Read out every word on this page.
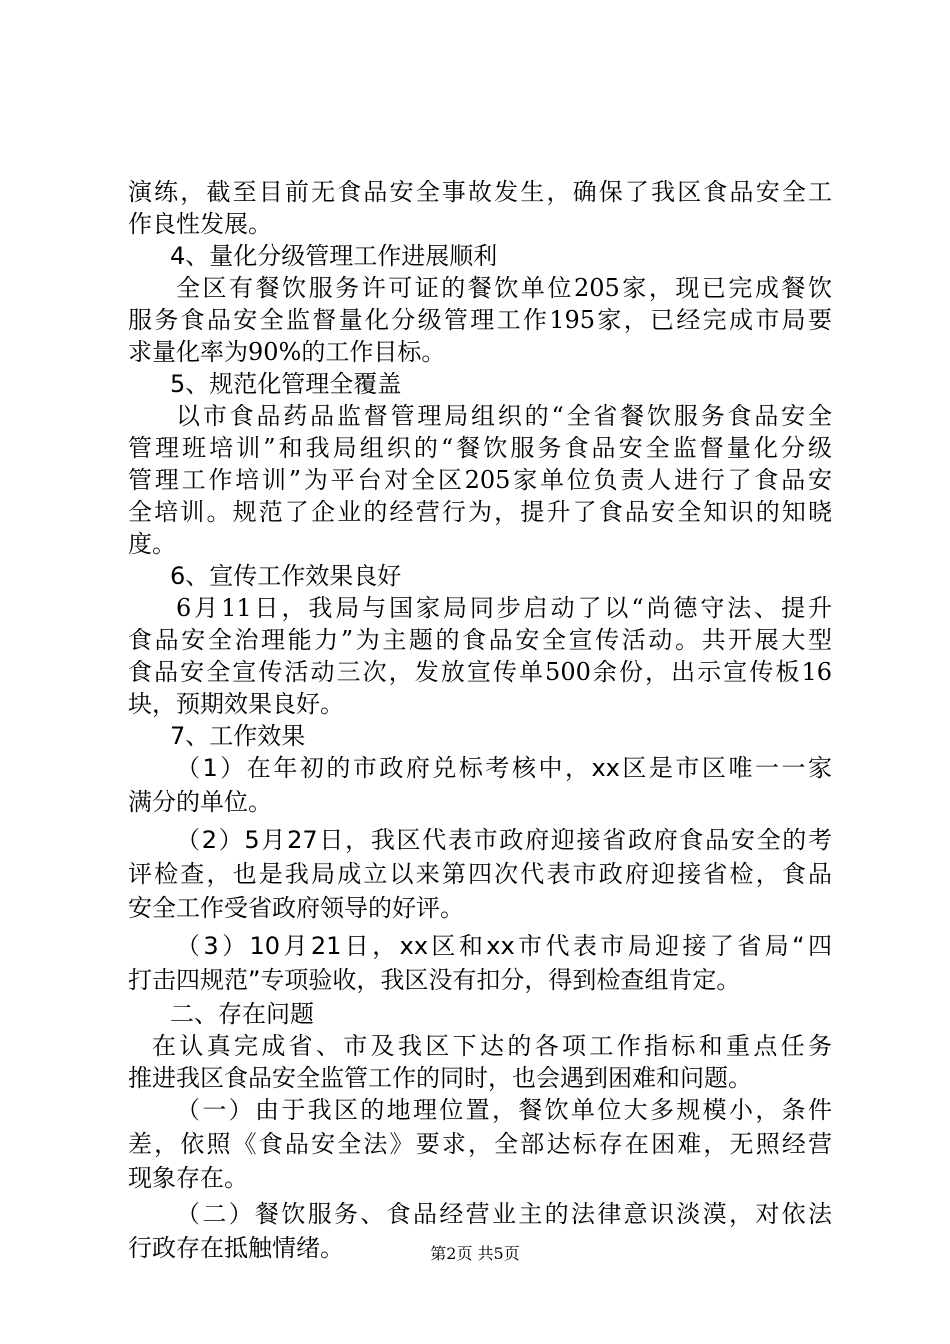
演练，截至目前无食品安全事故发生，确保了我区食品安全工
作良性发展。
4、量化分级管理工作进展顺利
全区有餐饮服务许可证的餐饮单位205家，现已完成餐饮
服务食品安全监督量化分级管理工作195家，已经完成市局要
求量化率为90%的工作目标。
5、规范化管理全覆盖
以市食品药品监督管理局组织的“全省餐饮服务食品安全
管理班培训”和我局组织的“餐饮服务食品安全监督量化分级
管理工作培训”为平台对全区205家单位负责人进行了食品安
全培训。规范了企业的经营行为，提升了食品安全知识的知晓
度。
6、宣传工作效果良好
6月11日，我局与国家局同步启动了以“尚德守法、提升
食品安全治理能力”为主题的食品安全宣传活动。共开展大型
食品安全宣传活动三次，发放宣传单500余份，出示宣传板16
块，预期效果良好。
7、工作效果
（1）在年初的市政府兑标考核中，xx区是市区唯一一家
满分的单位。
（2）5月27日，我区代表市政府迎接省政府食品安全的考
评检查，也是我局成立以来第四次代表市政府迎接省检，食品
安全工作受省政府领导的好评。
（3）10月21日，xx区和xx市代表市局迎接了省局“四
打击四规范”专项验收，我区没有扣分，得到检查组肯定。
二、存在问题
在认真完成省、市及我区下达的各项工作指标和重点任务
推进我区食品安全监管工作的同时，也会遇到困难和问题。
（一）由于我区的地理位置，餐饮单位大多规模小，条件
差，依照《食品安全法》要求，全部达标存在困难，无照经营
现象存在。
（二）餐饮服务、食品经营业主的法律意识淡漠，对依法
行政存在抵触情绪。	第2页 共5页
